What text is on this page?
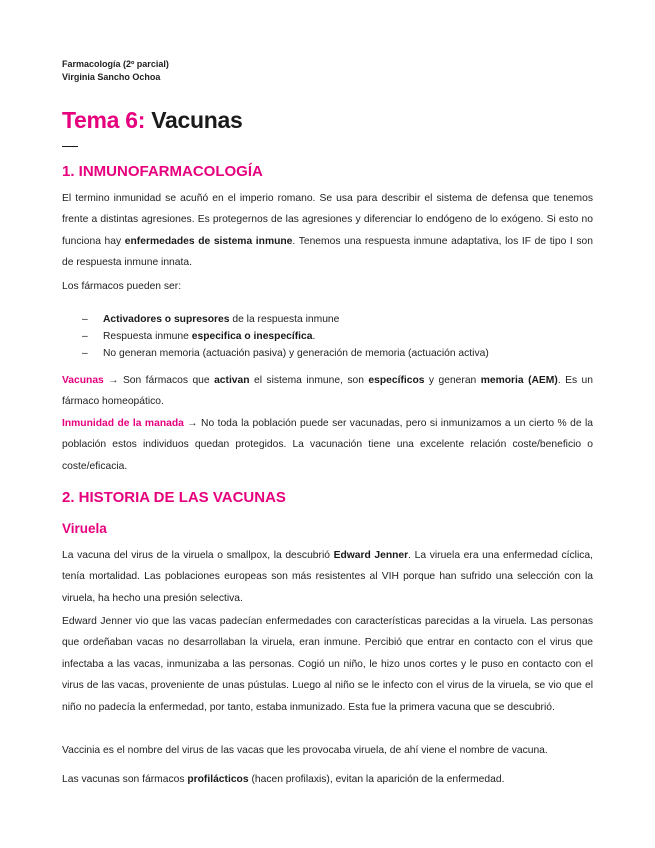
Farmacología (2º parcial)
Virginia Sancho Ochoa
Tema 6: Vacunas
1. INMUNOFARMACOLOGÍA

El termino inmunidad se acuñó en el imperio romano. Se usa para describir el sistema de defensa que tenemos frente a distintas agresiones. Es protegernos de las agresiones y diferenciar lo endógeno de lo exógeno. Si esto no funciona hay enfermedades de sistema inmune. Tenemos una respuesta inmune adaptativa, los IF de tipo I son de respuesta inmune innata.

Los fármacos pueden ser:

– Activadores o supresores de la respuesta inmune
– Respuesta inmune especifica o inespecífica.
– No generan memoria (actuación pasiva) y generación de memoria (actuación activa)

Vacunas → Son fármacos que activan el sistema inmune, son específicos y generan memoria (AEM). Es un fármaco homeopático.

Inmunidad de la manada → No toda la población puede ser vacunadas, pero si inmunizamos a un cierto % de la población estos individuos quedan protegidos. La vacunación tiene una excelente relación coste/beneficio o coste/eficacia.

2. HISTORIA DE LAS VACUNAS
Viruela

La vacuna del virus de la viruela o smallpox, la descubrió Edward Jenner. La viruela era una enfermedad cíclica, tenía mortalidad. Las poblaciones europeas son más resistentes al VIH porque han sufrido una selección con la viruela, ha hecho una presión selectiva.

Edward Jenner vio que las vacas padecían enfermedades con características parecidas a la viruela. Las personas que ordeñaban vacas no desarrollaban la viruela, eran inmune. Percibió que entrar en contacto con el virus que infectaba a las vacas, inmunizaba a las personas. Cogió un niño, le hizo unos cortes y le puso en contacto con el virus de las vacas, proveniente de unas pústulas. Luego al niño se le infecto con el virus de la viruela, se vio que el niño no padecía la enfermedad, por tanto, estaba inmunizado. Esta fue la primera vacuna que se descubrió.

Vaccinia es el nombre del virus de las vacas que les provocaba viruela, de ahí viene el nombre de vacuna.

Las vacunas son fármacos profilácticos (hacen profilaxis), evitan la aparición de la enfermedad.
